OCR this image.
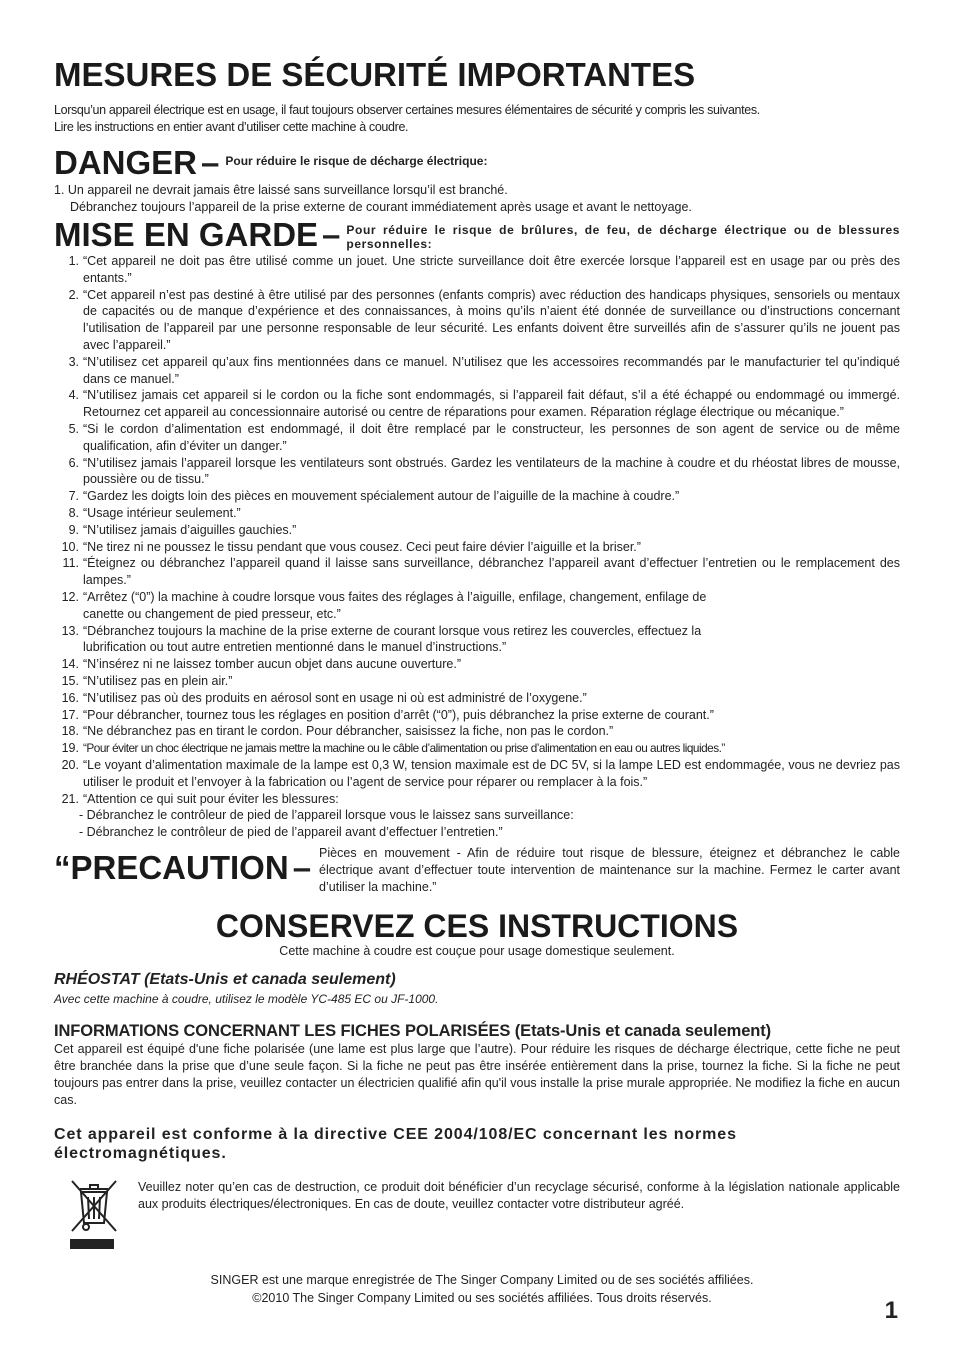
MESURES DE SÉCURITÉ IMPORTANTES
Lorsqu’un appareil électrique est en usage, il faut toujours observer certaines mesures élémentaires de sécurité y compris les suivantes.
Lire les instructions en entier avant d’utiliser cette machine à coudre.
DANGER – Pour réduire le risque de décharge électrique:
1. Un appareil ne devrait jamais être laissé sans surveillance lorsqu’il est branché.
Débranchez toujours l’appareil de la prise externe de courant immédiatement après usage et avant le nettoyage.
MISE EN GARDE – Pour réduire le risque de brûlures, de feu, de décharge électrique ou de blessures personnelles:
1. “Cet appareil ne doit pas être utilisé comme un jouet. Une stricte surveillance doit être exercée lorsque l’appareil est en usage par ou près des entants.”
2. “Cet appareil n’est pas destiné à être utilisé par des personnes (enfants compris) avec réduction des handicaps physiques, sensoriels ou mentaux de capacités ou de manque d’expérience et des connaissances, à moins qu’ils n’aient été donnée de surveillance ou d’instructions concernant l’utilisation de l’appareil par une personne responsable de leur sécurité. Les enfants doivent être surveillés afin de s’assurer qu’ils ne jouent pas avec l’appareil.”
3. “N’utilisez cet appareil qu’aux fins mentionnées dans ce manuel. N’utilisez que les accessoires recommandés par le manufacturier tel qu’indiqué dans ce manuel.”
4. “N’utilisez jamais cet appareil si le cordon ou la fiche sont endommagés, si l’appareil fait défaut, s’il a été échappé ou endommagé ou immergé. Retournez cet appareil au concessionnaire autorisé ou centre de réparations pour examen. Réparation réglage électrique ou mécanique.”
5. “Si le cordon d’alimentation est endommagé, il doit être remplacé par le constructeur, les personnes de son agent de service ou de même qualification, afin d’éviter un danger.”
6. “N’utilisez jamais l’appareil lorsque les ventilateurs sont obstrués. Gardez les ventilateurs de la machine à coudre et du rhéostat libres de mousse, poussière ou de tissu.”
7. “Gardez les doigts loin des pièces en mouvement spécialement autour de l’aiguille de la machine à coudre.”
8. “Usage intérieur seulement.”
9. “N’utilisez jamais d’aiguilles gauchies.”
10. “Ne tirez ni ne poussez le tissu pendant que vous cousez. Ceci peut faire dévier l’aiguille et la briser.”
11. “Éteignez ou débranchez l’appareil quand il laisse sans surveillance, débranchez l’appareil avant d’effectuer l’entretien ou le remplacement des lampes.”
12. “Arrêtez (“0”) la machine à coudre lorsque vous faites des réglages à l’aiguille, enfilage, changement, enfilage de canette ou changement de pied presseur, etc.”
13. “Débranchez toujours la machine de la prise externe de courant lorsque vous retirez les couvercles, effectuez la lubrification ou tout autre entretien mentionné dans le manuel d’instructions.”
14. “N’insérez ni ne laissez tomber aucun objet dans aucune ouverture.”
15. “N’utilisez pas en plein air.”
16. “N’utilisez pas où des produits en aérosol sont en usage ni où est administré de l’oxygene.”
17. “Pour débrancher, tournez tous les réglages en position d’arrêt (“0”), puis débranchez la prise externe de courant.”
18. “Ne débranchez pas en tirant le cordon. Pour débrancher, saisissez la fiche, non pas le cordon.”
19. “Pour éviter un choc électrique ne jamais mettre la machine ou le câble d’alimentation ou prise d’alimentation en eau ou autres liquides.”
20. “Le voyant d’alimentation maximale de la lampe est 0,3 W, tension maximale est de DC 5V, si la lampe LED est endommagée, vous ne devriez pas utiliser le produit et l’envoyer à la fabrication ou l’agent de service pour réparer ou remplacer à la fois.”
21. “Attention ce qui suit pour éviter les blessures:
- Débranchez le contrôleur de pied de l’appareil lorsque vous le laissez sans surveillance:
- Débranchez le contrôleur de pied de l’appareil avant d’effectuer l’entretien.”
“PRECAUTION – Pièces en mouvement - Afin de réduire tout risque de blessure, éteignez et débranchez le cable électrique avant d’effectuer toute intervention de maintenance sur la machine. Fermez le carter avant d’utiliser la machine.”
CONSERVEZ CES INSTRUCTIONS
Cette machine à coudre est couçue pour usage domestique seulement.
RHÉOSTAT (Etats-Unis et canada seulement)
Avec cette machine à coudre, utilisez le modèle YC-485 EC ou JF-1000.
INFORMATIONS CONCERNANT LES FICHES POLARISÉES (Etats-Unis et canada seulement)
Cet appareil est équipé d'une fiche polarisée (une lame est plus large que l’autre). Pour réduire les risques de décharge électrique, cette fiche ne peut être branchée dans la prise que d’une seule façon. Si la fiche ne peut pas être insérée entièrement dans la prise, tournez la fiche. Si la fiche ne peut toujours pas entrer dans la prise, veuillez contacter un électricien qualifié afin qu'il vous installe la prise murale appropriée. Ne modifiez la fiche en aucun cas.
Cet appareil est conforme à la directive CEE 2004/108/EC concernant les normes électromagnétiques.
Veuillez noter qu’en cas de destruction, ce produit doit bénéficier d’un recyclage sécurisé, conforme à la législation nationale applicable aux produits électriques/électroniques. En cas de doute, veuillez contacter votre distributeur agréé.
SINGER est une marque enregistrée de The Singer Company Limited ou de ses sociétés affiliées.
©2010 The Singer Company Limited ou ses sociétés affiliées. Tous droits réservés.	1
